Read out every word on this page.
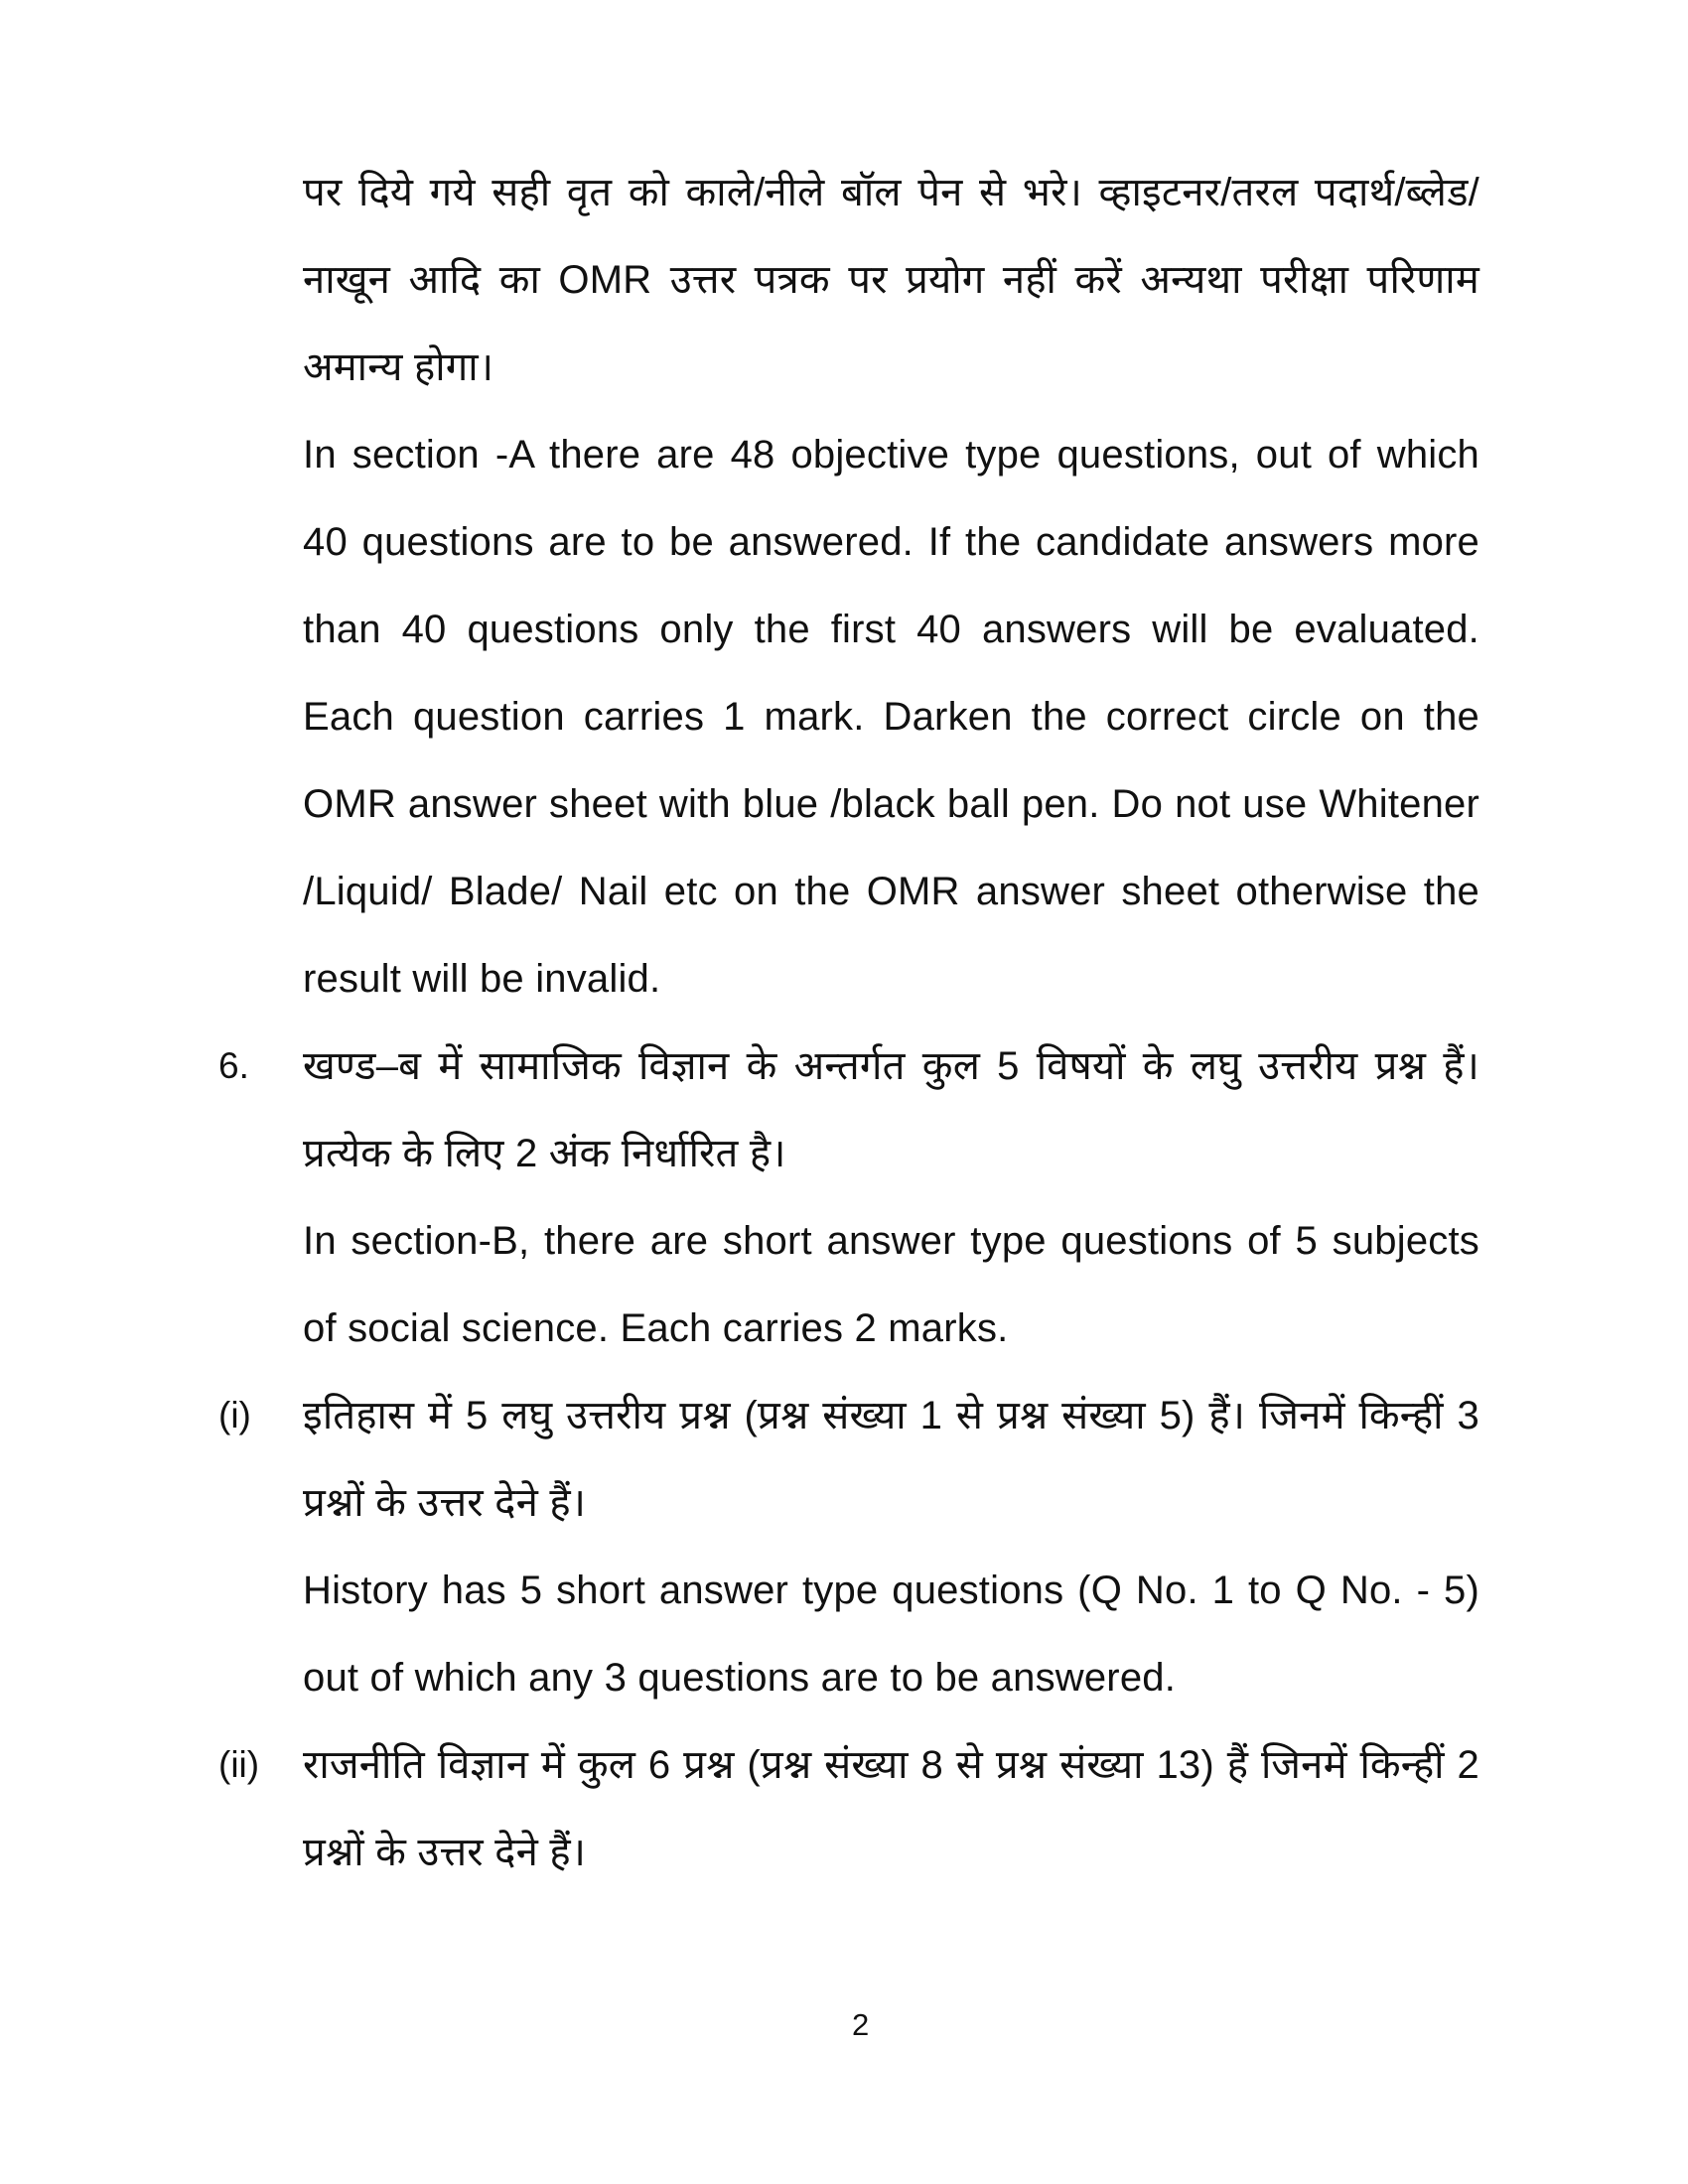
पर दिये गये सही वृत को काले/नीले बॉल पेन से भरे। व्हाइटनर/तरल पदार्थ/ब्लेड/नाखून आदि का OMR उत्तर पत्रक पर प्रयोग नहीं करें अन्यथा परीक्षा परिणाम अमान्य होगा।

In section -A there are 48 objective type questions, out of which 40 questions are to be answered. If the candidate answers more than 40 questions only the first 40 answers will be evaluated. Each question carries 1 mark. Darken the correct circle on the OMR answer sheet with blue /black ball pen. Do not use Whitener /Liquid/ Blade/ Nail etc on the OMR answer sheet otherwise the result will be invalid.

6. खण्ड–ब में सामाजिक विज्ञान के अन्तर्गत कुल 5 विषयों के लघु उत्तरीय प्रश्न हैं। प्रत्येक के लिए 2 अंक निर्धारित है।

In section-B, there are short answer type questions of 5 subjects of social science. Each carries 2 marks.

(i) इतिहास में 5 लघु उत्तरीय प्रश्न (प्रश्न संख्या 1 से प्रश्न संख्या 5) हैं। जिनमें किन्हीं 3 प्रश्नों के उत्तर देने हैं।

History has 5 short answer type questions (Q No. 1 to Q No. - 5) out of which any 3 questions are to be answered.

(ii) राजनीति विज्ञान में कुल 6 प्रश्न (प्रश्न संख्या 8 से प्रश्न संख्या 13) हैं जिनमें किन्हीं 2 प्रश्नों के उत्तर देने हैं।

2
